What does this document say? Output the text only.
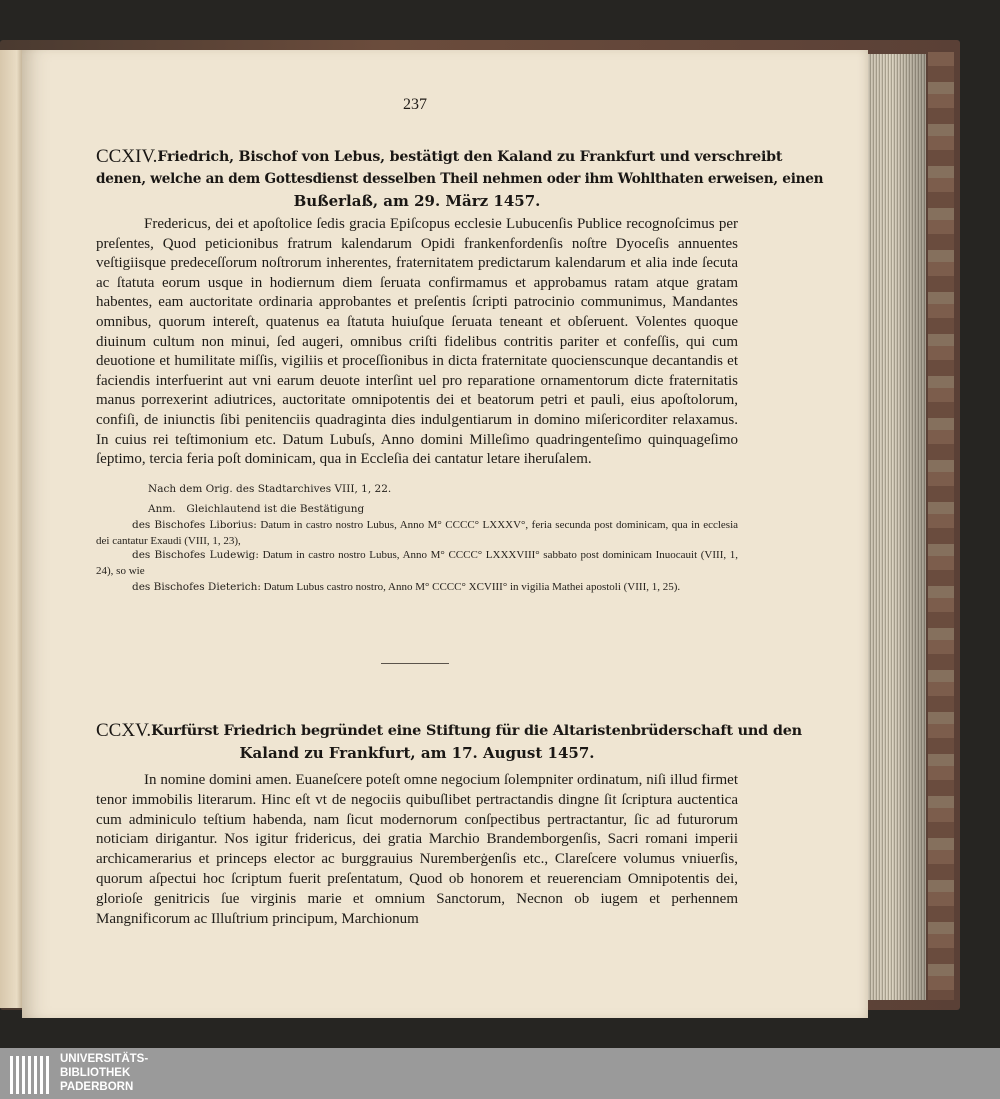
237
CCXIV. Friedrich, Bischof von Lebus, bestätigt den Kaland zu Frankfurt und verschreibt
denen, welche an dem Gottesdienst desselben Theil nehmen oder ihm Wohlthaten erweisen, einen
Bußerlaß, am 29. März 1457.

Fredericus, dei et apoſtolice ſedis gracia Epiſcopus ecclesie Lubucenſis Publice recognoſcimus per preſentes, Quod peticionibus fratrum kalendarum Opidi frankenfordenſis noſtre Dyoceſis annuentes veſtigiisque predeceſſorum noſtrorum inherentes, fraternitatem predictarum kalendarum et alia inde ſecuta ac ſtatuta eorum usque in hodiernum diem ſeruata confirmamus et approbamus ratam atque gratam habentes, eam auctoritate ordinaria approbantes et preſentis ſcripti patrocinio communimus, Mandantes omnibus, quorum intereſt, quatenus ea ſtatuta huiuſque ſeruata teneant et obſeruent. Volentes quoque diuinum cultum non minui, ſed augeri, omnibus criſti fidelibus contritis pariter et confeſſis, qui cum deuotione et humilitate miſſis, vigiliis et proceſſionibus in dicta fraternitate quocienscunque decantandis et faciendis interfuerint aut vni earum deuote interſint uel pro reparatione ornamentorum dicte fraternitatis manus porrexerint adiutrices, auctoritate omnipotentis dei et beatorum petri et pauli, eius apoſtolorum, confiſi, de iniunctis ſibi penitenciis quadraginta dies indulgentiarum in domino miſericorditer relaxamus. In cuius rei teſtimonium etc. Datum Lubuſs, Anno domini Milleſimo quadringenteſimo quinquageſimo ſeptimo, tercia feria poſt dominicam, qua in Eccleſia dei cantatur letare iheruſalem.

Nach dem Orig. des Stadtarchives VIII, 1, 22.
Anm. Gleichlautend ist die Bestätigung

des Bischofes Liborius: Datum in castro nostro Lubus, Anno M° CCCC° LXXXV°, feria secunda post dominicam, qua in ecclesia dei cantatur Exaudi (VIII, 1, 23),

des Bischofes Ludewig: Datum in castro nostro Lubus, Anno M° CCCC° LXXXVIII° sabbato post dominicam Inuocauit (VIII, 1, 24), so wie

des Bischofes Dieterich: Datum Lubus castro nostro, Anno M° CCCC° XCVIII° in vigilia Mathei apostoli (VIII, 1, 25).

CCXV. Kurfürst Friedrich begründet eine Stiftung für die Altaristenbrüderschaft und den
Kaland zu Frankfurt, am 17. August 1457.

In nomine domini amen. Euaneſcere poteſt omne negocium ſolempniter ordinatum, niſi illud firmet tenor immobilis literarum. Hinc eſt vt de negociis quibuſlibet pertractandis dingne ſit ſcriptura auctentica cum adminiculo teſtium habenda, nam ſicut modernorum conſpectibus pertractantur, ſic ad futurorum noticiam dirigantur. Nos igitur fridericus, dei gratia Marchio Brandemborgenſis, Sacri romani imperii archicamerarius et princeps elector ac burggrauius Nuremberġenſis etc., Clareſcere volumus vniuerſis, quorum aſpectui hoc ſcriptum fuerit preſentatum, Quod ob honorem et reuerenciam Omnipotentis dei, glorioſe genitricis ſue virginis marie et omnium Sanctorum, Necnon ob iugem et perhennem Mangnificorum ac Illuſtrium principum, Marchionum

UNIVERSITÄTS-
BIBLIOTHEK
PADERBORN
